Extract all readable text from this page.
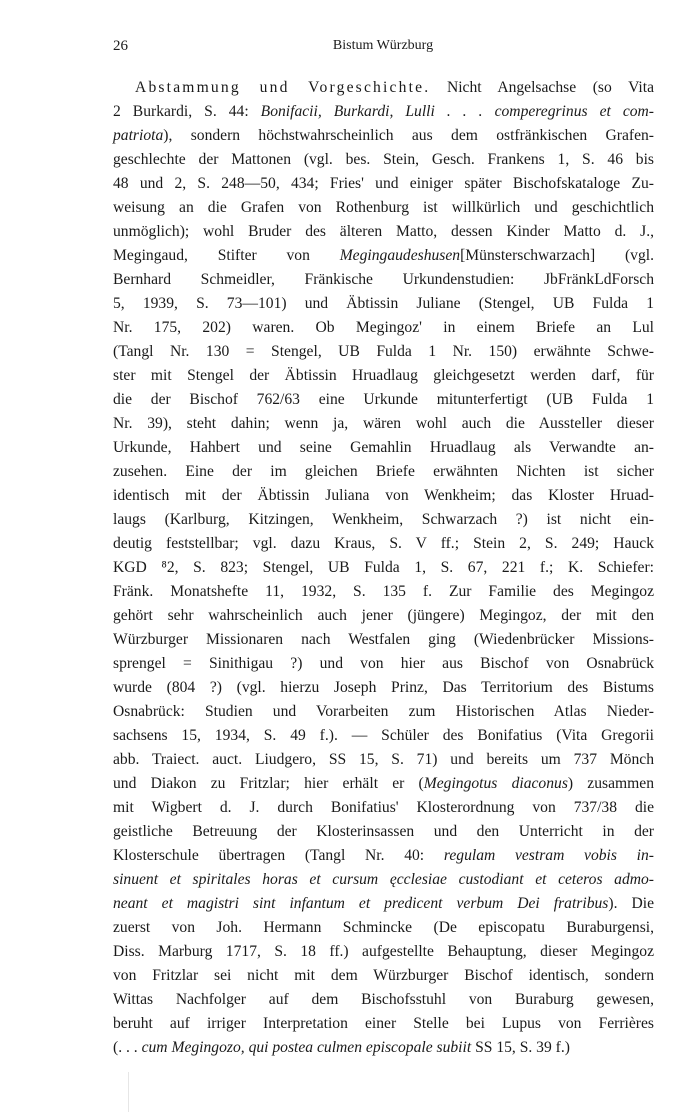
26	Bistum Würzburg
Abstammung und Vorgeschichte. Nicht Angelsachse (so Vita
2 Burkardi, S. 44: Bonifacii, Burkardi, Lulli . . . comperegrinus et com-
patriota), sondern höchstwahrscheinlich aus dem ostfränkischen Grafen-
geschlechte der Mattonen (vgl. bes. Stein, Gesch. Frankens 1, S. 46 bis
48 und 2, S. 248—50, 434; Fries' und einiger später Bischofskataloge Zu-
weisung an die Grafen von Rothenburg ist willkürlich und geschichtlich
unmöglich); wohl Bruder des älteren Matto, dessen Kinder Matto d. J.,
Megingaud, Stifter von Megingaudeshusen[Münsterschwarzach] (vgl.
Bernhard Schmeidler, Fränkische Urkundenstudien: JbFränkLdForsch
5, 1939, S. 73—101) und Äbtissin Juliane (Stengel, UB Fulda 1
Nr. 175, 202) waren. Ob Megingoz' in einem Briefe an Lul
(Tangl Nr. 130 = Stengel, UB Fulda 1 Nr. 150) erwähnte Schwe-
ster mit Stengel der Äbtissin Hruadlaug gleichgesetzt werden darf, für
die der Bischof 762/63 eine Urkunde mitunterfertigt (UB Fulda 1
Nr. 39), steht dahin; wenn ja, wären wohl auch die Aussteller dieser
Urkunde, Hahbert und seine Gemahlin Hruadlaug als Verwandte an-
zusehen. Eine der im gleichen Briefe erwähnten Nichten ist sicher
identisch mit der Äbtissin Juliana von Wenkheim; das Kloster Hruad-
laugs (Karlburg, Kitzingen, Wenkheim, Schwarzach ?) ist nicht ein-
deutig feststellbar; vgl. dazu Kraus, S. V ff.; Stein 2, S. 249; Hauck
KGD ⁸2, S. 823; Stengel, UB Fulda 1, S. 67, 221 f.; K. Schiefer:
Fränk. Monatshefte 11, 1932, S. 135 f. Zur Familie des Megingoz
gehört sehr wahrscheinlich auch jener (jüngere) Megingoz, der mit den
Würzburger Missionaren nach Westfalen ging (Wiedenbrücker Missions-
sprengel = Sinithigau ?) und von hier aus Bischof von Osnabrück
wurde (804 ?) (vgl. hierzu Joseph Prinz, Das Territorium des Bistums
Osnabrück: Studien und Vorarbeiten zum Historischen Atlas Nieder-
sachsens 15, 1934, S. 49 f.). — Schüler des Bonifatius (Vita Gregorii
abb. Traiect. auct. Liudgero, SS 15, S. 71) und bereits um 737 Mönch
und Diakon zu Fritzlar; hier erhält er (Megingotus diaconus) zusammen
mit Wigbert d. J. durch Bonifatius' Klosterordnung von 737/38 die
geistliche Betreuung der Klosterinsassen und den Unterricht in der
Klosterschule übertragen (Tangl Nr. 40: regulam vestram vobis in-
sinuent et spiritales horas et cursum ęcclesiae custodiant et ceteros admo-
neant et magistri sint infantum et predicent verbum Dei fratribus). Die
zuerst von Joh. Hermann Schmincke (De episcopatu Buraburgensi,
Diss. Marburg 1717, S. 18 ff.) aufgestellte Behauptung, dieser Megingoz
von Fritzlar sei nicht mit dem Würzburger Bischof identisch, sondern
Wittas Nachfolger auf dem Bischofsstuhl von Buraburg gewesen,
beruht auf irriger Interpretation einer Stelle bei Lupus von Ferrières
(. . . cum Megingozo, qui postea culmen episcopale subiit SS 15, S. 39 f.)
